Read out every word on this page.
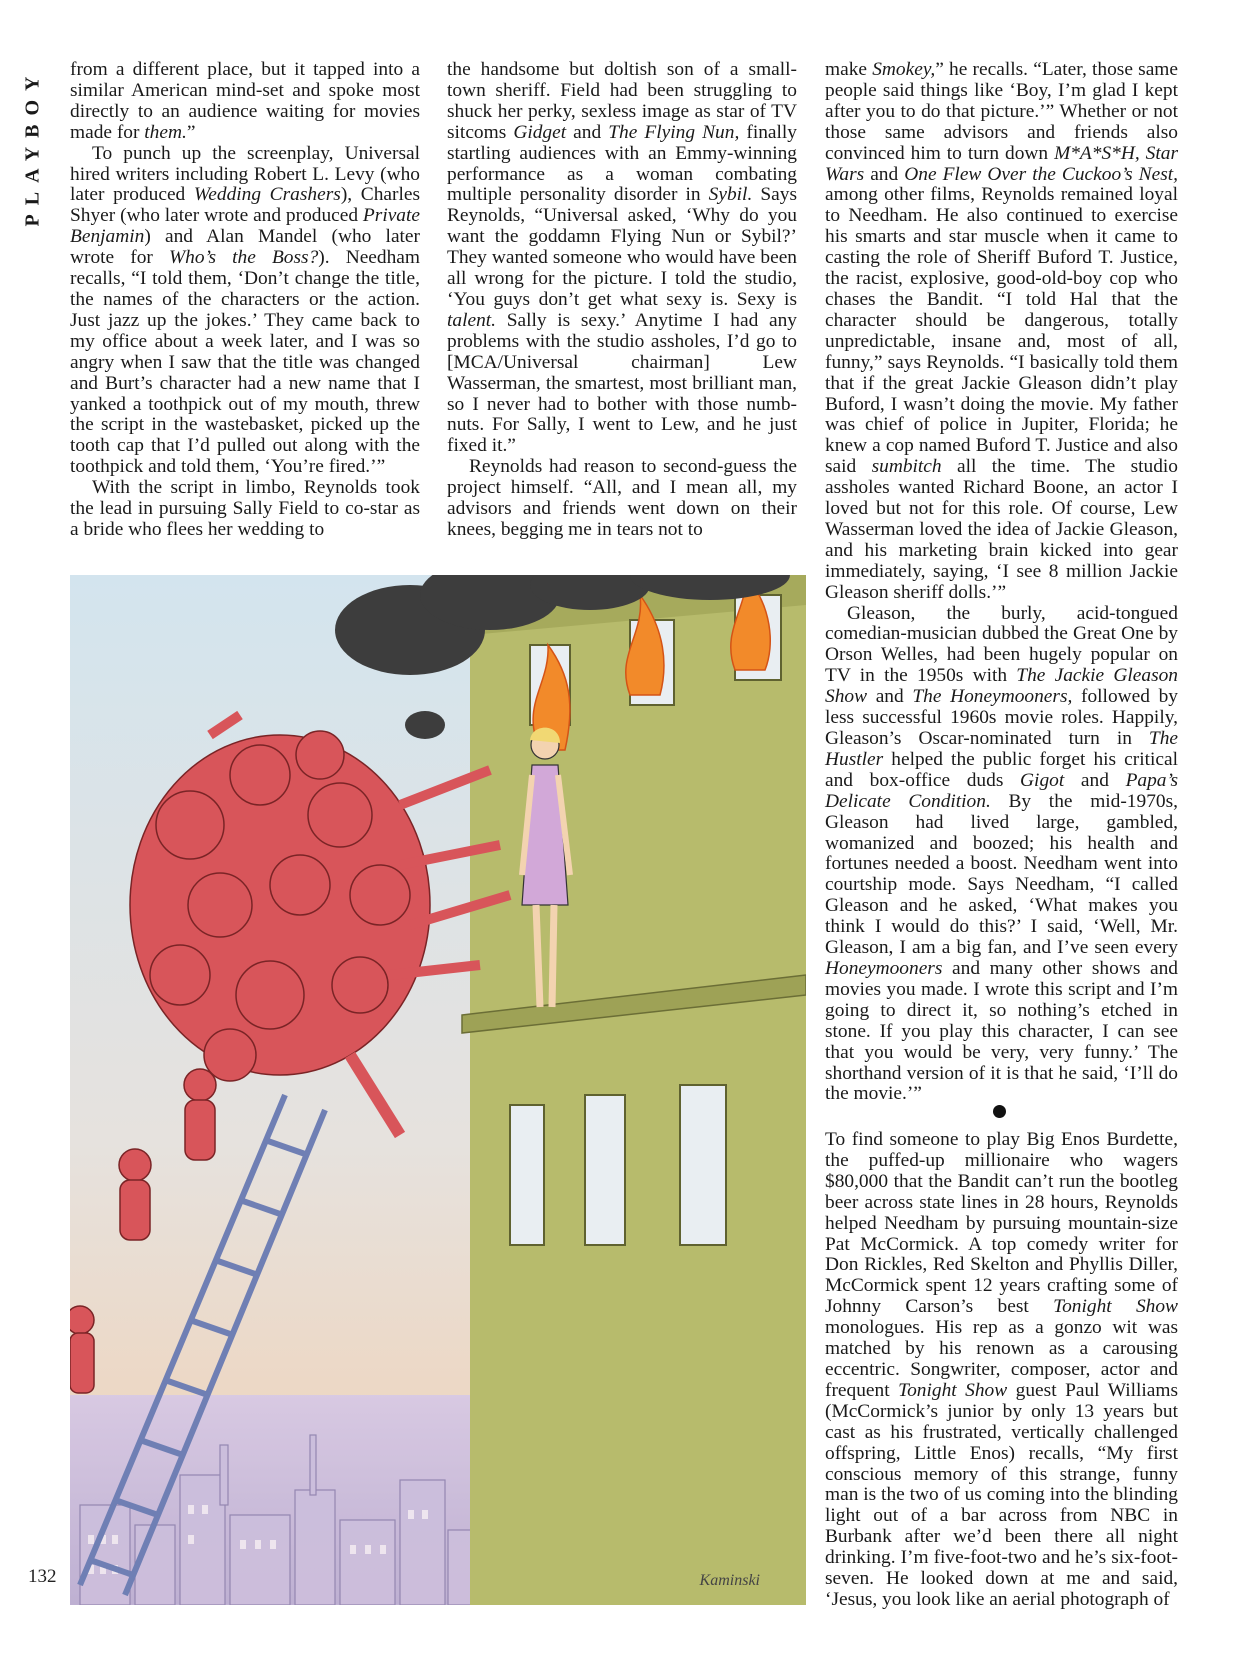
PLAYBOY from a different place, but it tapped into a similar American mind-set and spoke most directly to an audience waiting for movies made for them.”

To punch up the screenplay, Universal hired writers including Robert L. Levy (who later produced Wedding Crashers), Charles Shyer (who later wrote and produced Private Benjamin) and Alan Mandel (who later wrote for Who’s the Boss?). Needham recalls, “I told them, ‘Don’t change the title, the names of the characters or the action. Just jazz up the jokes.’ They came back to my office about a week later, and I was so angry when I saw that the title was changed and Burt’s character had a new name that I yanked a toothpick out of my mouth, threw the script in the wastebasket, picked up the tooth cap that I’d pulled out along with the toothpick and told them, ‘You’re fired.’”

With the script in limbo, Reynolds took the lead in pursuing Sally Field to co-star as a bride who flees her wedding to

the handsome but doltish son of a small-town sheriff. Field had been struggling to shuck her perky, sexless image as star of TV sitcoms Gidget and The Flying Nun, finally startling audiences with an Emmy-winning performance as a woman combating multiple personality disorder in Sybil. Says Reynolds, “Universal asked, ‘Why do you want the goddamn Flying Nun or Sybil?’ They wanted someone who would have been all wrong for the picture. I told the studio, ‘You guys don’t get what sexy is. Sexy is talent. Sally is sexy.’ Anytime I had any problems with the studio assholes, I’d go to [MCA/Universal chairman] Lew Wasserman, the smartest, most brilliant man, so I never had to bother with those numb-nuts. For Sally, I went to Lew, and he just fixed it.”

Reynolds had reason to second-guess the project himself. “All, and I mean all, my advisors and friends went down on their knees, begging me in tears not to

make Smokey,” he recalls. “Later, those same people said things like ‘Boy, I’m glad I kept after you to do that picture.’” Whether or not those same advisors and friends also convinced him to turn down M*A*S*H, Star Wars and One Flew Over the Cuckoo’s Nest, among other films, Reynolds remained loyal to Needham. He also continued to exercise his smarts and star muscle when it came to casting the role of Sheriff Buford T. Justice, the racist, explosive, good-old-boy cop who chases the Bandit. “I told Hal that the character should be dangerous, totally unpredictable, insane and, most of all, funny,” says Reynolds. “I basically told them that if the great Jackie Gleason didn’t play Buford, I wasn’t doing the movie. My father was chief of police in Jupiter, Florida; he knew a cop named Buford T. Justice and also said sumbitch all the time. The studio assholes wanted Richard Boone, an actor I loved but not for this role. Of course, Lew Wasserman loved the idea of Jackie Gleason, and his marketing brain kicked into gear immediately, saying, ‘I see 8 million Jackie Gleason sheriff dolls.’”

Gleason, the burly, acid-tongued comedian-musician dubbed the Great One by Orson Welles, had been hugely popular on TV in the 1950s with The Jackie Gleason Show and The Honeymooners, followed by less successful 1960s movie roles. Happily, Gleason’s Oscar-nominated turn in The Hustler helped the public forget his critical and box-office duds Gigot and Papa’s Delicate Condition. By the mid-1970s, Gleason had lived large, gambled, womanized and boozed; his health and fortunes needed a boost. Needham went into courtship mode. Says Needham, “I called Gleason and he asked, ‘What makes you think I would do this?’ I said, ‘Well, Mr. Gleason, I am a big fan, and I’ve seen every Honeymooners and many other shows and movies you made. I wrote this script and I’m going to direct it, so nothing’s etched in stone. If you play this character, I can see that you would be very, very funny.’ The shorthand version of it is that he said, ‘I’ll do the movie.’”

To find someone to play Big Enos Burdette, the puffed-up millionaire who wagers $80,000 that the Bandit can’t run the bootleg beer across state lines in 28 hours, Reynolds helped Needham by pursuing mountain-size Pat McCormick. A top comedy writer for Don Rickles, Red Skelton and Phyllis Diller, McCormick spent 12 years crafting some of Johnny Carson’s best Tonight Show monologues. His rep as a gonzo wit was matched by his renown as a carousing eccentric. Songwriter, composer, actor and frequent Tonight Show guest Paul Williams (McCormick’s junior by only 13 years but cast as his frustrated, vertically challenged offspring, Little Enos) recalls, “My first conscious memory of this strange, funny man is the two of us coming into the blinding light out of a bar across from NBC in Burbank after we’d been there all night drinking. I’m five-foot-two and he’s six-foot-seven. He looked down at me and said, ‘Jesus, you look like an aerial photograph of

132	Kaminski
